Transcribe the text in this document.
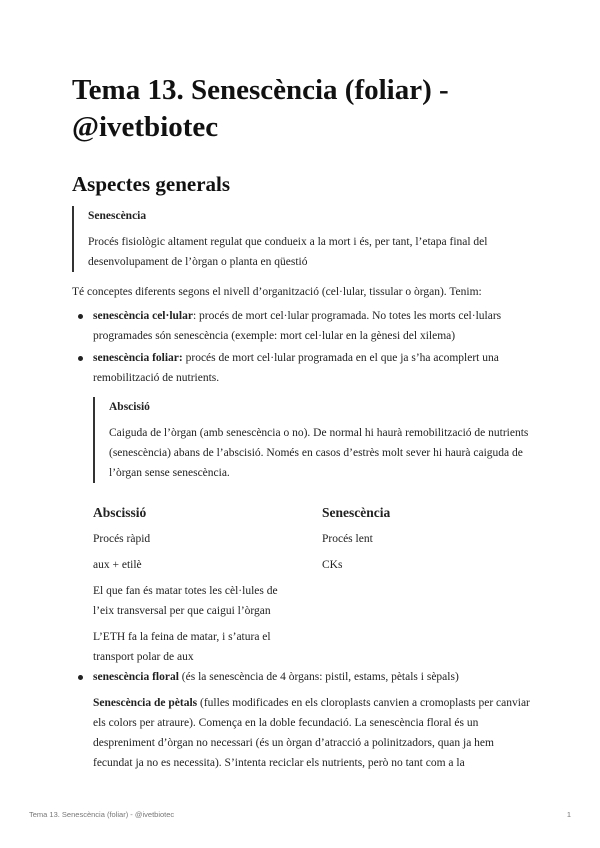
Tema 13. Senescència (foliar) - @ivetbiotec
Aspectes generals
Senescència
Procés fisiològic altament regulat que condueix a la mort i és, per tant, l’etapa final del desenvolupament de l’òrgan o planta en qüestió

Té conceptes diferents segons el nivell d’organització (cel·lular, tissular o òrgan). Tenim:

senescència cel·lular: procés de mort cel·lular programada. No totes les morts cel·lulars programades són senescència (exemple: mort cel·lular en la gènesi del xilema)
senescència foliar: procés de mort cel·lular programada en el que ja s’ha acomplert una remobilització de nutrients.
Abscisió
Caiguda de l’òrgan (amb senescència o no). De normal hi haurà remobilització de nutrients (senescència) abans de l’abscisió. Només en casos d’estrès molt sever hi haurà caiguda de l’òrgan sense senescència.
Abscissió
Procés ràpid
aux + etilè
El que fan és matar totes les cèl·lules de l’eix transversal per que caigui l’òrgan
L’ETH fa la feina de matar, i s’atura el transport polar de aux
Senescència
Procés lent
CKs
senescència floral (és la senescència de 4 òrgans: pistil, estams, pètals i sèpals)
Senescència de pètals (fulles modificades en els cloroplasts canvien a cromoplasts per canviar els colors per atraure). Comença en la doble fecundació. La senescència floral és un despreniment d’òrgan no necessari (és un òrgan d’atracció a polinitzadors, quan ja hem fecundat ja no es necessita). S’intenta reciclar els nutrients, però no tant com a la
Tema 13. Senescència (foliar) - @ivetbiotec	1
